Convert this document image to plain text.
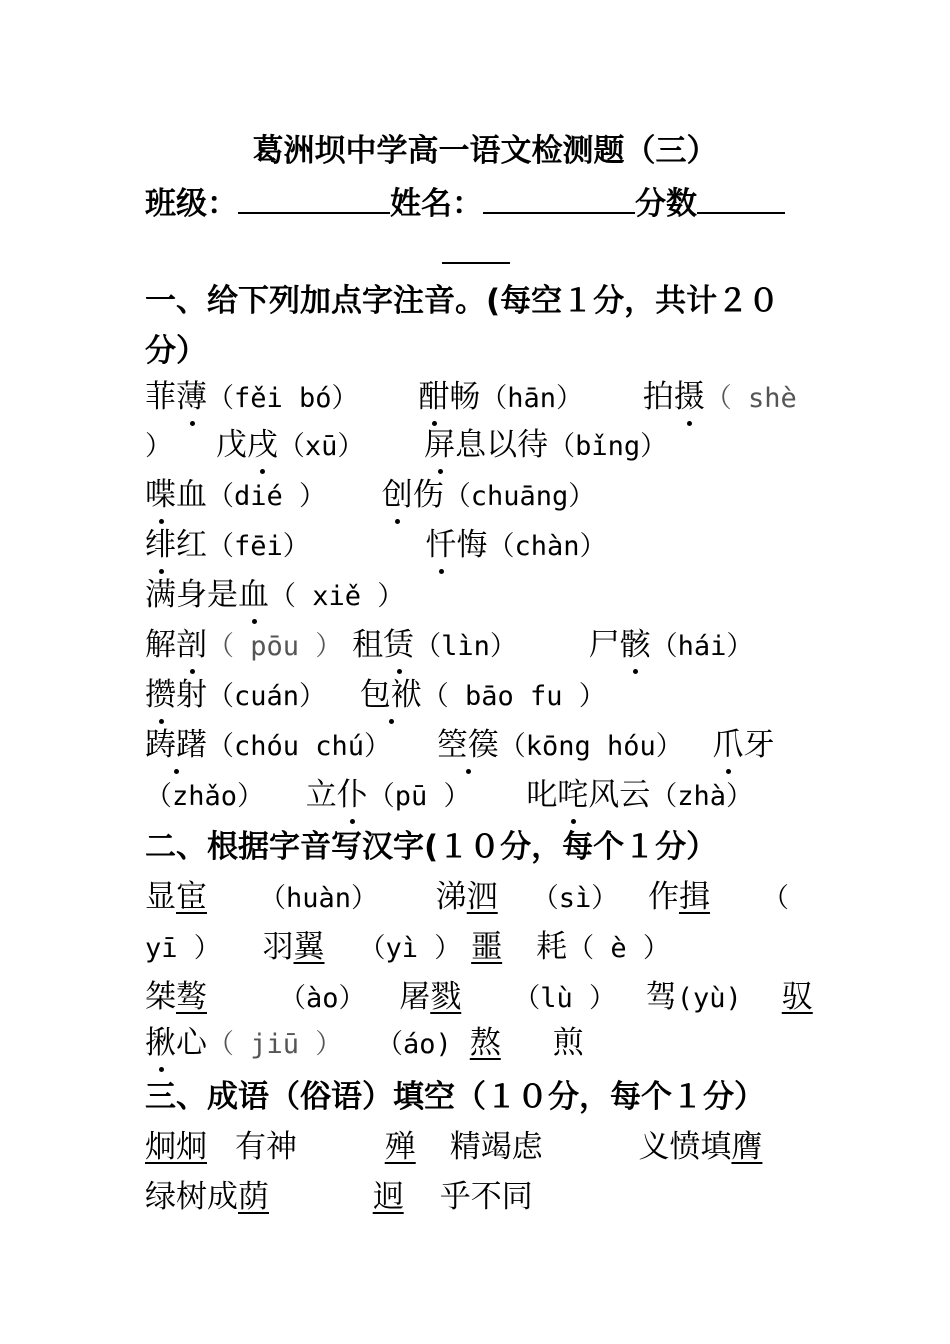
葛洲坝中学高一语文检测题（三）
班级：	姓名：	分数
一、给下列加点字注音。(每空１分，共计２０
分）
菲薄（fěi bó） 酣畅（hān） 拍摄（ shè
） 戊戌（xū） 屏息以待（bǐng）
喋血（dié ） 创伤（chuāng）
绯红（fēi）	忏悔（chàn）
满身是血（ xiě ）
解剖（ pōu ） 租赁（lìn） 尸骸（hái）
攒射（cuán） 包袱（ bāo fu ）
踌躇（chóu chú） 箜篌（kōng hóu） 爪牙
（zhǎo） 立仆（pū ） 叱咤风云（zhà）
二、根据字音写汉字(１０分，每个１分）
显宦 （huàn） 涕泗 （sì） 作揖 （
yī ） 羽翼 （yì ） 噩 耗（ è ）
桀骜	（ào） 屠戮 （lù ） 驾(yù) 驭
揪心（ jiū ） （áo) 熬 煎
三、成语（俗语）填空（１０分，每个１分）
炯炯 有神	殚 精竭虑	义愤填膺
绿树成荫	迥 乎不同
